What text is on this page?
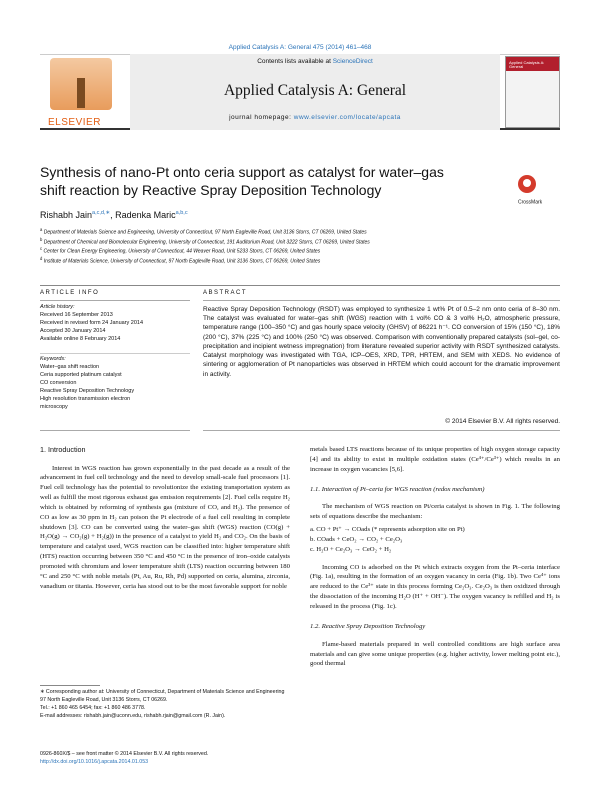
Applied Catalysis A: General 475 (2014) 461–468
ELSEVIER
Contents lists available at ScienceDirect
Applied Catalysis A: General
journal homepage: www.elsevier.com/locate/apcata
Applied Catalysis A: General
Synthesis of nano-Pt onto ceria support as catalyst for water–gas shift reaction by Reactive Spray Deposition Technology
CrossMark
Rishabh Jain$^{a,c,d,∗}$, Radenka Maric$^{a,b,c}$
$^a$ Department of Materials Science and Engineering, University of Connecticut, 97 North Eagleville Road, Unit 3136 Storrs, CT 06269, United States
$^b$ Department of Chemical and Biomolecular Engineering, University of Connecticut, 191 Auditorium Road, Unit 3222 Storrs, CT 06269, United States
$^c$ Center for Clean Energy Engineering, University of Connecticut, 44 Weaver Road, Unit 5233 Storrs, CT 06269, United States
$^d$ Institute of Materials Science, University of Connecticut, 97 North Eagleville Road, Unit 3136 Storrs, CT 06269, United States
ARTICLE INFO	ABSTRACT
Article history:
Received 16 September 2013
Received in revised form 24 January 2014
Accepted 30 January 2014
Available online 8 February 2014
Keywords:
Water–gas shift reaction
Ceria supported platinum catalyst
CO conversion
Reactive Spray Deposition Technology
High resolution transmission electron
microscopy
Reactive Spray Deposition Technology (RSDT) was employed to synthesize 1 wt% Pt of 0.5–2 nm onto ceria of 8–30 nm. The catalyst was evaluated for water–gas shift (WGS) reaction with 1 vol% CO & 3 vol% H₂O, atmospheric pressure, temperature range (100–350 °C) and gas hourly space velocity (GHSV) of 86221 h⁻¹. CO conversion of 15% (150 °C), 18% (200 °C), 37% (225 °C) and 100% (250 °C) was observed. Comparison with conventionally prepared catalysts (sol–gel, co-precipitation and incipient wetness impregnation) from literature revealed superior activity with RSDT synthesized catalysts. Catalyst morphology was investigated with TGA, ICP–OES, XRD, TPR, HRTEM, and SEM with XEDS. No evidence of sintering or agglomeration of Pt nanoparticles was observed in HRTEM which could account for the dramatic improvement in activity.
© 2014 Elsevier B.V. All rights reserved.
1. Introduction

Interest in WGS reaction has grown exponentially in the past decade as a result of the advancement in fuel cell technology and the need to develop small-scale fuel processors [1]. Fuel cell technology has the potential to revolutionize the existing transportation system as well as fulfill the most rigorous exhaust gas emission requirements [2]. Fuel cells require H₂ which is obtained by reforming of synthesis gas (mixture of CO, and H₂). The presence of CO as low as 30 ppm in H₂ can poison the Pt electrode of a fuel cell resulting in complete shutdown [3]. CO can be converted using the water–gas shift (WGS) reaction (CO(g) + H₂O(g) → CO₂(g) + H₂(g)) in the presence of a catalyst to yield H₂ and CO₂. On the basis of temperature and catalyst used, WGS reaction can be classified into: higher temperature shift (HTS) reaction occurring between 350 °C and 450 °C in the presence of iron–oxide catalysts promoted with chromium and lower temperature shift (LTS) reaction occurring between 180 °C and 250 °C with noble metals (Pt, Au, Ru, Rh, Pd) supported on ceria, alumina, zirconia, vanadium or titania. However, ceria has stood out to be the most favorable support for noble

metals based LTS reactions because of its unique properties of high oxygen storage capacity [4] and its ability to exist in multiple oxidation states (Ce⁴⁺/Ce³⁺) which results in an increase in oxygen vacancies [5,6].

1.1. Interaction of Pt–ceria for WGS reaction (redox mechanism)

The mechanism of WGS reaction on Pt/ceria catalyst is shown in Fig. 1. The following sets of equations describe the mechanism:

a. CO + Pt⁺ → COads (* represents adsorption site on Pt)
b. COads + CeO₂ → CO₂ + Ce₂O₃
c. H₂O + Ce₂O₃ → CeO₂ + H₂

Incoming CO is adsorbed on the Pt which extracts oxygen from the Pt–ceria interface (Fig. 1a), resulting in the formation of an oxygen vacancy in ceria (Fig. 1b). Two Ce⁴⁺ ions are reduced to the Ce³⁺ state in this process forming Ce₂O₃. Ce₂O₃ is then oxidized through the dissociation of the incoming H₂O (H⁺ + OH⁻). The oxygen vacancy is refilled and H₂ is released in the process (Fig. 1c).

1.2. Reactive Spray Deposition Technology

Flame-based materials prepared in well controlled conditions are high surface area materials and can give some unique properties (e.g. higher activity, lower melting point etc.), good thermal

∗ Corresponding author at: University of Connecticut, Department of Materials Science and Engineering 97 North Eagleville Road, Unit 3136 Storrs, CT 06269.
Tel.: +1 860 465 6454; fax: +1 860 486 3778.
E-mail addresses: rishabh.jain@uconn.edu, rishabh.rjain@gmail.com (R. Jain).
0926-860X/$ – see front matter © 2014 Elsevier B.V. All rights reserved.
http://dx.doi.org/10.1016/j.apcata.2014.01.053
